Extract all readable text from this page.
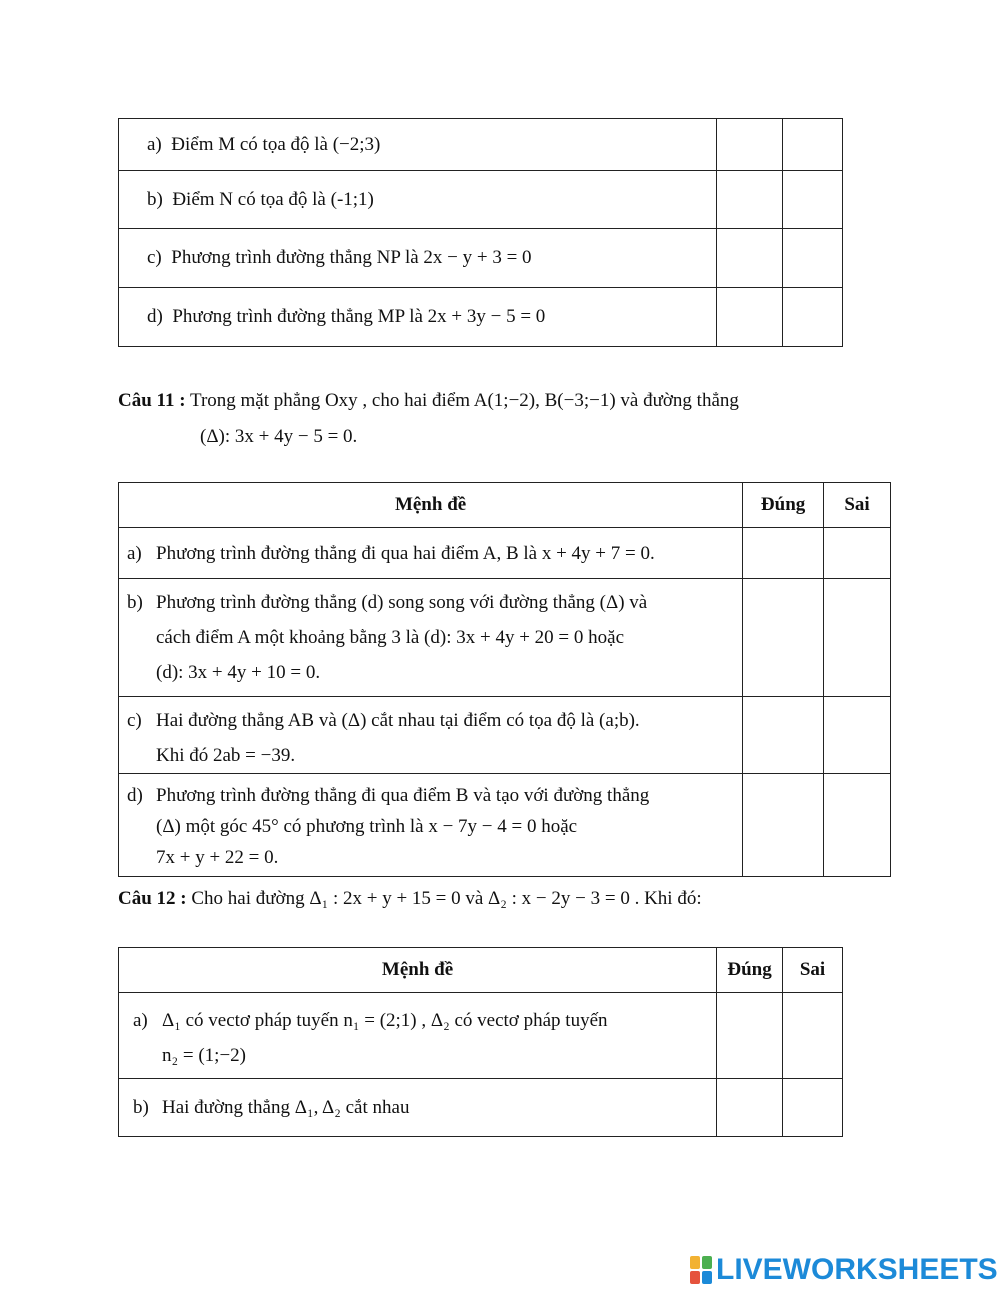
a) Điểm M có tọa độ là (−2;3)		
b) Điểm N có tọa độ là (-1;1)		
c) Phương trình đường thẳng NP là 2x − y + 3 = 0		
d) Phương trình đường thẳng MP là 2x + 3y − 5 = 0		
Câu 11 : Trong mặt phẳng Oxy , cho hai điểm A(1;−2), B(−3;−1) và đường thẳng
(Δ): 3x + 4y − 5 = 0.
Mệnh đề	Đúng	Sai

a) Phương trình đường thẳng đi qua hai điểm A, B là x + 4y + 7 = 0.		

b) Phương trình đường thẳng (d) song song với đường thẳng (Δ) và
cách điểm A một khoảng bằng 3 là (d): 3x + 4y + 20 = 0 hoặc
(d): 3x + 4y + 10 = 0.		

c) Hai đường thẳng AB và (Δ) cắt nhau tại điểm có tọa độ là (a;b).
Khi đó 2ab = −39.		

d) Phương trình đường thẳng đi qua điểm B và tạo với đường thẳng
(Δ) một góc 45° có phương trình là x − 7y − 4 = 0 hoặc
7x + y + 22 = 0.		

Câu 12 : Cho hai đường Δ₁ : 2x + y + 15 = 0 và Δ₂ : x − 2y − 3 = 0 . Khi đó:
Mệnh đề	Đúng	Sai

a) Δ₁ có vectơ pháp tuyến n₁ = (2;1) , Δ₂ có vectơ pháp tuyến
n₂ = (1;−2)		

b) Hai đường thẳng Δ₁, Δ₂ cắt nhau		

LIVEWORKSHEETS
